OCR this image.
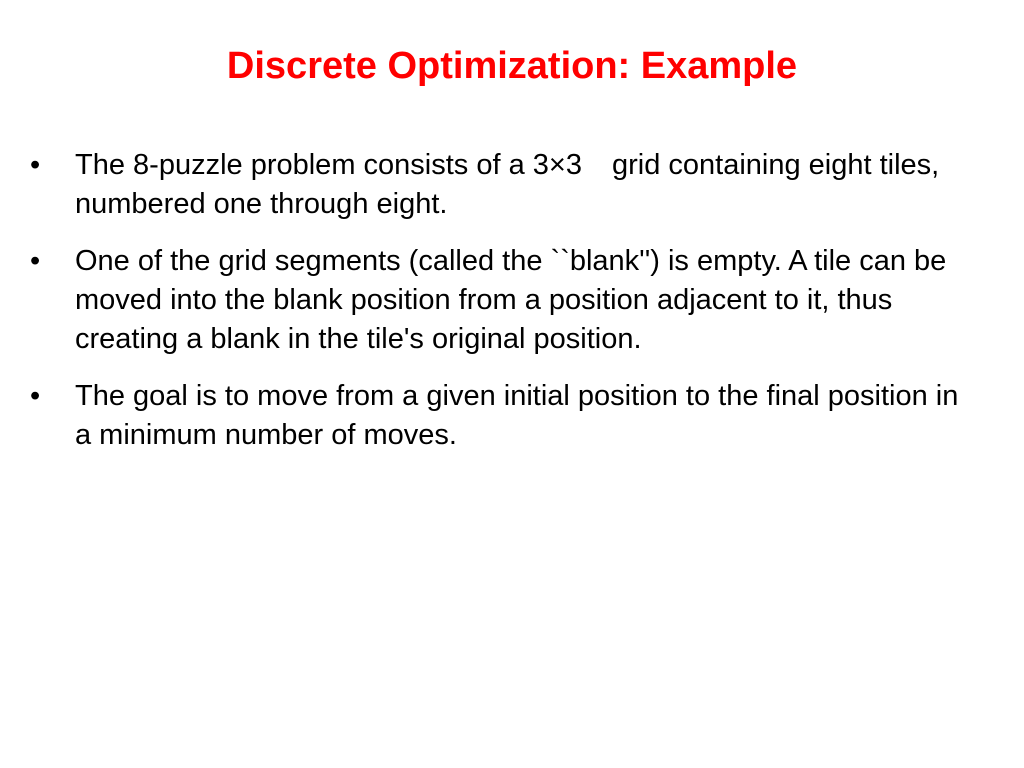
Discrete Optimization: Example
•	The 8-puzzle problem consists of a 3×3 grid containing eight tiles, numbered one through eight.
•	One of the grid segments (called the ``blank'') is empty. A tile can be moved into the blank position from a position adjacent to it, thus creating a blank in the tile's original position.
•	The goal is to move from a given initial position to the final position in a minimum number of moves.
